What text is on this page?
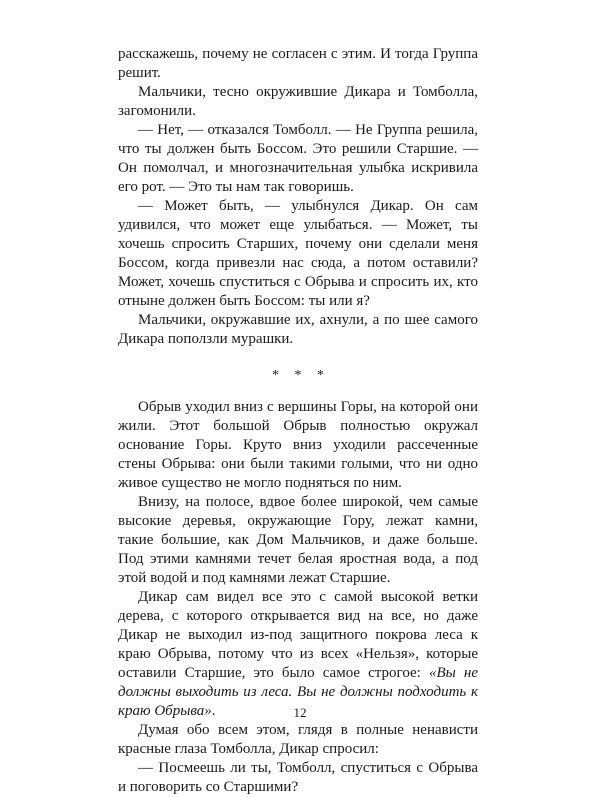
расскажешь, почему не согласен с этим. И тогда Группа решит.

Мальчики, тесно окружившие Дикара и Томболла, загомонили.

— Нет, — отказался Томболл. — Не Группа решила, что ты должен быть Боссом. Это решили Старшие. — Он помолчал, и многозначительная улыбка искривила его рот. — Это ты нам так говоришь.

— Может быть, — улыбнулся Дикар. Он сам удивился, что может еще улыбаться. — Может, ты хочешь спросить Старших, почему они сделали меня Боссом, когда привезли нас сюда, а потом оставили? Может, хочешь спуститься с Обрыва и спросить их, кто отныне должен быть Боссом: ты или я?

Мальчики, окружавшие их, ахнули, а по шее самого Дикара поползли мурашки.

* * *

Обрыв уходил вниз с вершины Горы, на которой они жили. Этот большой Обрыв полностью окружал основание Горы. Круто вниз уходили рассеченные стены Обрыва: они были такими голыми, что ни одно живое существо не могло подняться по ним.

Внизу, на полосе, вдвое более широкой, чем самые высокие деревья, окружающие Гору, лежат камни, такие большие, как Дом Мальчиков, и даже больше. Под этими камнями течет белая яростная вода, а под этой водой и под камнями лежат Старшие.

Дикар сам видел все это с самой высокой ветки дерева, с которого открывается вид на все, но даже Дикар не выходил из-под защитного покрова леса к краю Обрыва, потому что из всех «Нельзя», которые оставили Старшие, это было самое строгое: «Вы не должны выходить из леса. Вы не должны подходить к краю Обрыва».

Думая обо всем этом, глядя в полные ненависти красные глаза Томболла, Дикар спросил:

— Посмеешь ли ты, Томболл, спуститься с Обрыва и поговорить со Старшими?

12
